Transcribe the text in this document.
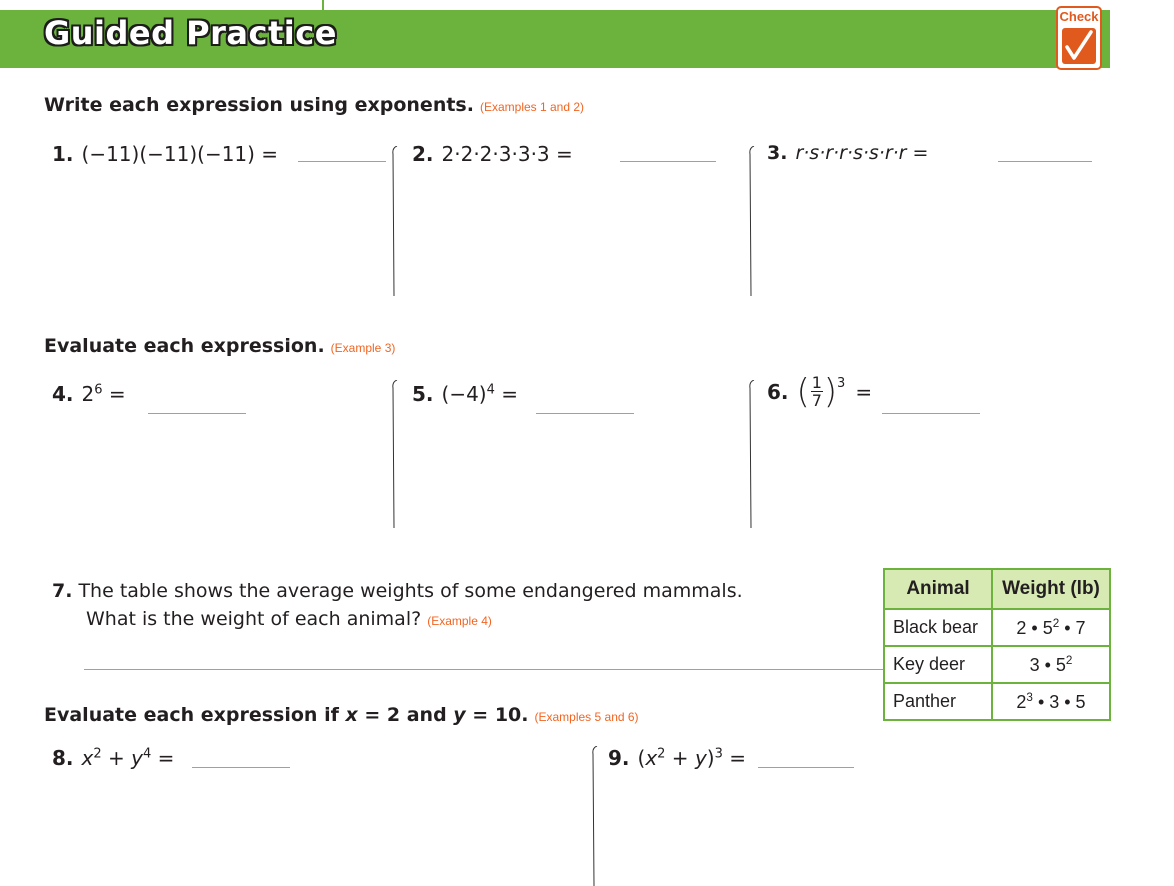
Guided Practice	Check
Write each expression using exponents. (Examples 1 and 2)
1. (−11)(−11)(−11) =	2. 2·2·2·3·3·3 =	3. r·s·r·r·s·s·r·r =
Evaluate each expression. (Example 3)
4. $2^6$ =	5. $(-4)^4$ =	6. ( 1
7 ) 3 =
7. The table shows the average weights of some endangered mammals.
What is the weight of each animal? (Example 4)
Animal	Weight (lb)
Black bear	2 • $5^2$ • 7
Key deer	3 • $5^2$
Panther	$2^3$ • 3 • 5
Evaluate each expression if x = 2 and y = 10. (Examples 5 and 6)
8. $x^2 + y^4$ =	9. $(x^2 + y)^3$ =
